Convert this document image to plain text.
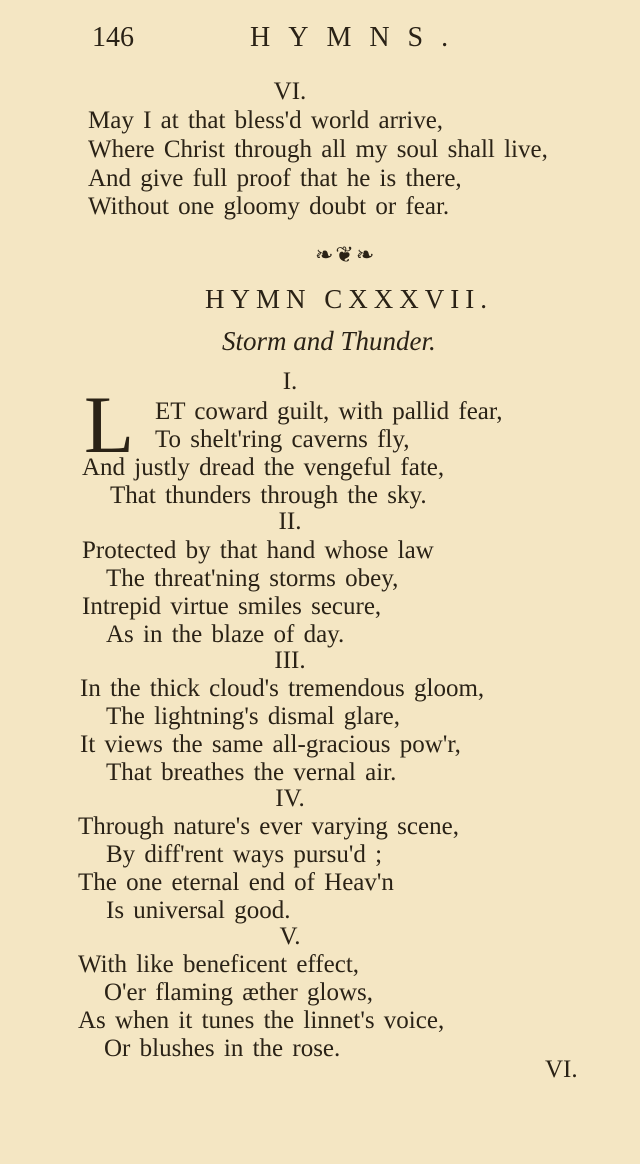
146	HYMNS.
VI.
May I at that bless'd world arrive,
Where Christ through all my soul shall live,
And give full proof that he is there,
Without one gloomy doubt or fear.
❧❦❧
HYMN CXXXVII.
Storm and Thunder.
I.
L ET coward guilt, with pallid fear,
To shelt'ring caverns fly,
And justly dread the vengeful fate,
That thunders through the sky.
II.
Protected by that hand whose law
The threat'ning storms obey,
Intrepid virtue smiles secure,
As in the blaze of day.
III.
In the thick cloud's tremendous gloom,
The lightning's dismal glare,
It views the same all-gracious pow'r,
That breathes the vernal air.
IV.
Through nature's ever varying scene,
By diff'rent ways pursu'd ;
The one eternal end of Heav'n
Is universal good.
V.
With like beneficent effect,
O'er flaming æther glows,
As when it tunes the linnet's voice,
Or blushes in the rose.
VI.
